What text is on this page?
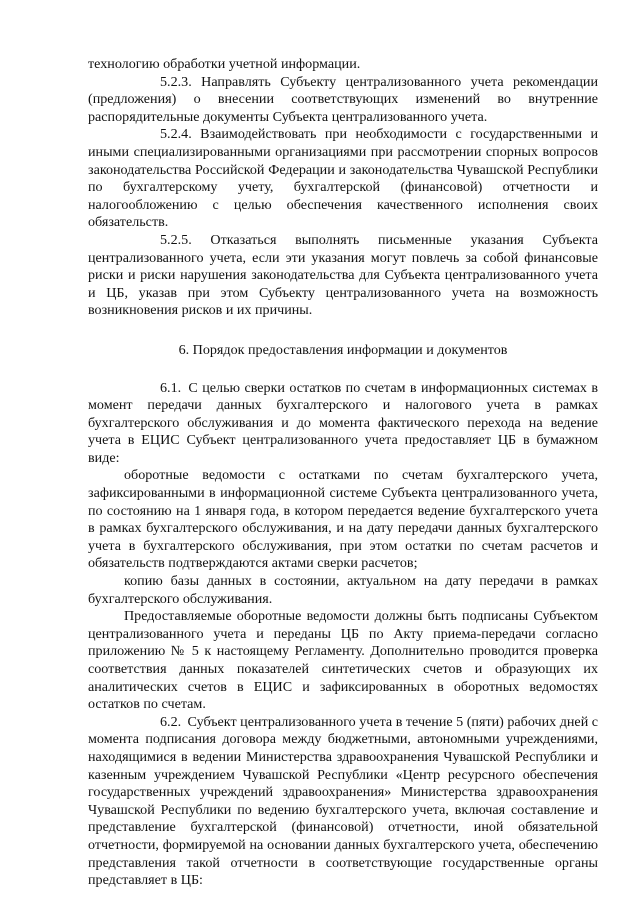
технологию обработки учетной информации.

5.2.3. Направлять Субъекту централизованного учета рекомендации (предложения) о внесении соответствующих изменений во внутренние распорядительные документы Субъекта централизованного учета.

5.2.4. Взаимодействовать при необходимости с государственными и иными специализированными организациями при рассмотрении спорных вопросов законодательства Российской Федерации и законодательства Чувашской Республики по бухгалтерскому учету, бухгалтерской (финансовой) отчетности и налогообложению с целью обеспечения качественного исполнения своих обязательств.

5.2.5. Отказаться выполнять письменные указания Субъекта централизованного учета, если эти указания могут повлечь за собой финансовые риски и риски нарушения законодательства для Субъекта централизованного учета и ЦБ, указав при этом Субъекту централизованного учета на возможность возникновения рисков и их причины.

6. Порядок предоставления информации и документов

6.1. С целью сверки остатков по счетам в информационных системах в момент передачи данных бухгалтерского и налогового учета в рамках бухгалтерского обслуживания и до момента фактического перехода на ведение учета в ЕЦИС Субъект централизованного учета предоставляет ЦБ в бумажном виде:

оборотные ведомости с остатками по счетам бухгалтерского учета, зафиксированными в информационной системе Субъекта централизованного учета, по состоянию на 1 января года, в котором передается ведение бухгалтерского учета в рамках бухгалтерского обслуживания, и на дату передачи данных бухгалтерского учета в бухгалтерского обслуживания, при этом остатки по счетам расчетов и обязательств подтверждаются актами сверки расчетов;

копию базы данных в состоянии, актуальном на дату передачи в рамках бухгалтерского обслуживания.

Предоставляемые оборотные ведомости должны быть подписаны Субъектом централизованного учета и переданы ЦБ по Акту приема-передачи согласно приложению № 5 к настоящему Регламенту. Дополнительно проводится проверка соответствия данных показателей синтетических счетов и образующих их аналитических счетов в ЕЦИС и зафиксированных в оборотных ведомостях остатков по счетам.

6.2. Субъект централизованного учета в течение 5 (пяти) рабочих дней с момента подписания договора между бюджетными, автономными учреждениями, находящимися в ведении Министерства здравоохранения Чувашской Республики и казенным учреждением Чувашской Республики «Центр ресурсного обеспечения государственных учреждений здравоохранения» Министерства здравоохранения Чувашской Республики по ведению бухгалтерского учета, включая составление и представление бухгалтерской (финансовой) отчетности, иной обязательной отчетности, формируемой на основании данных бухгалтерского учета, обеспечению представления такой отчетности в соответствующие государственные органы представляет в ЦБ:
